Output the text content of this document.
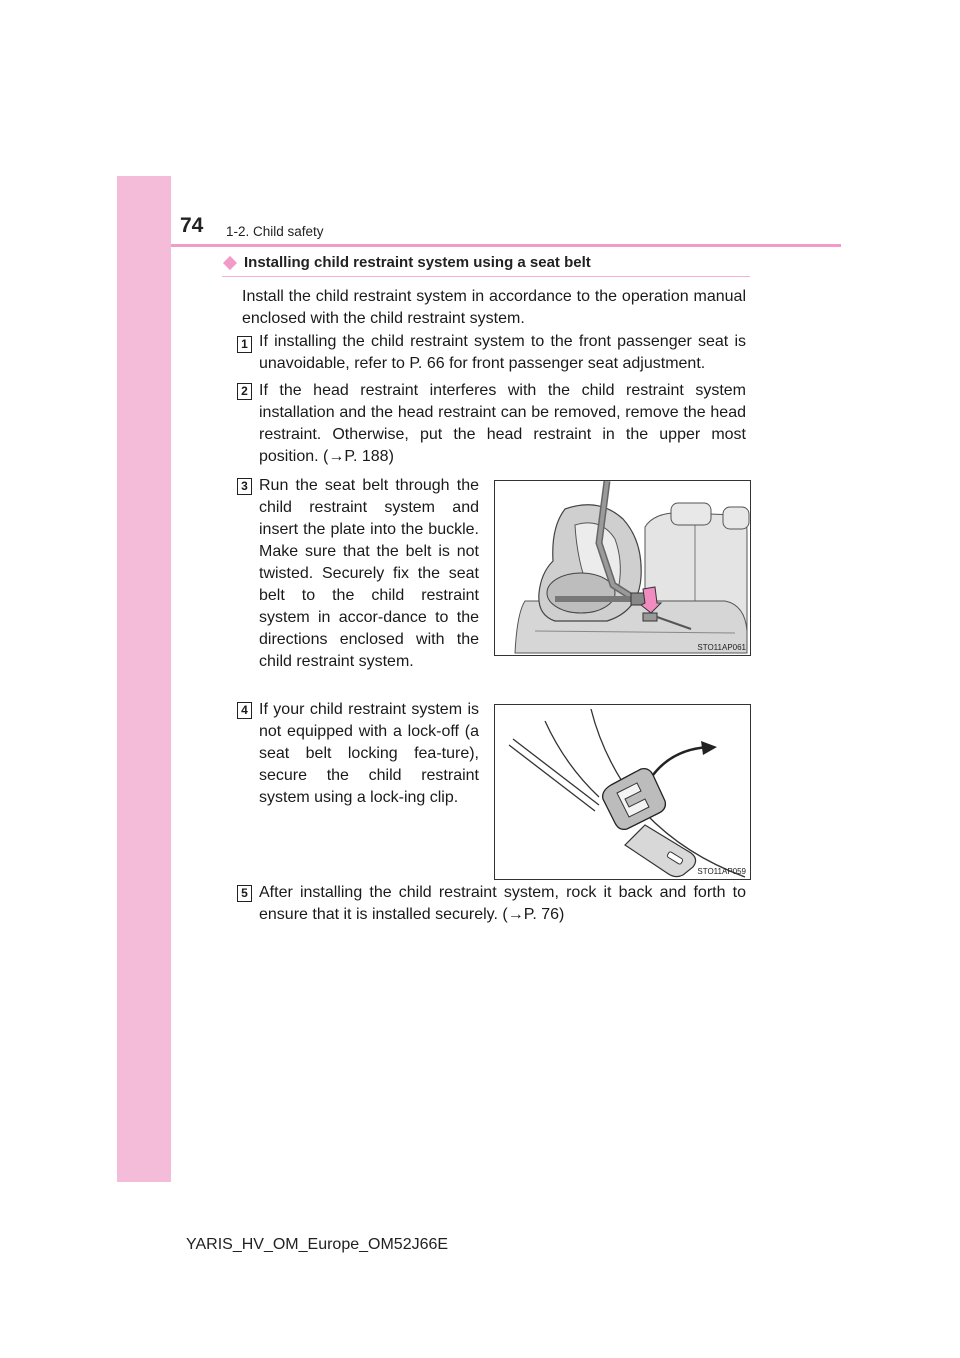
74 1-2. Child safety
Installing child restraint system using a seat belt

Install the child restraint system in accordance to the operation manual enclosed with the child restraint system.

1 If installing the child restraint system to the front passenger seat is unavoidable, refer to P. 66 for front passenger seat adjustment.

2 If the head restraint interferes with the child restraint system installation and the head restraint can be removed, remove the head restraint. Otherwise, put the head restraint in the upper most position. (→P. 188)

3 Run the seat belt through the child restraint system and insert the plate into the buckle. Make sure that the belt is not twisted. Securely fix the seat belt to the child restraint system in accor-dance to the directions enclosed with the child restraint system.

STO11AP061
4 If your child restraint system is not equipped with a lock-off (a seat belt locking fea-ture), secure the child restraint system using a lock-ing clip.

STO11AP059
5 After installing the child restraint system, rock it back and forth to ensure that it is installed securely. (→P. 76)

YARIS_HV_OM_Europe_OM52J66E
